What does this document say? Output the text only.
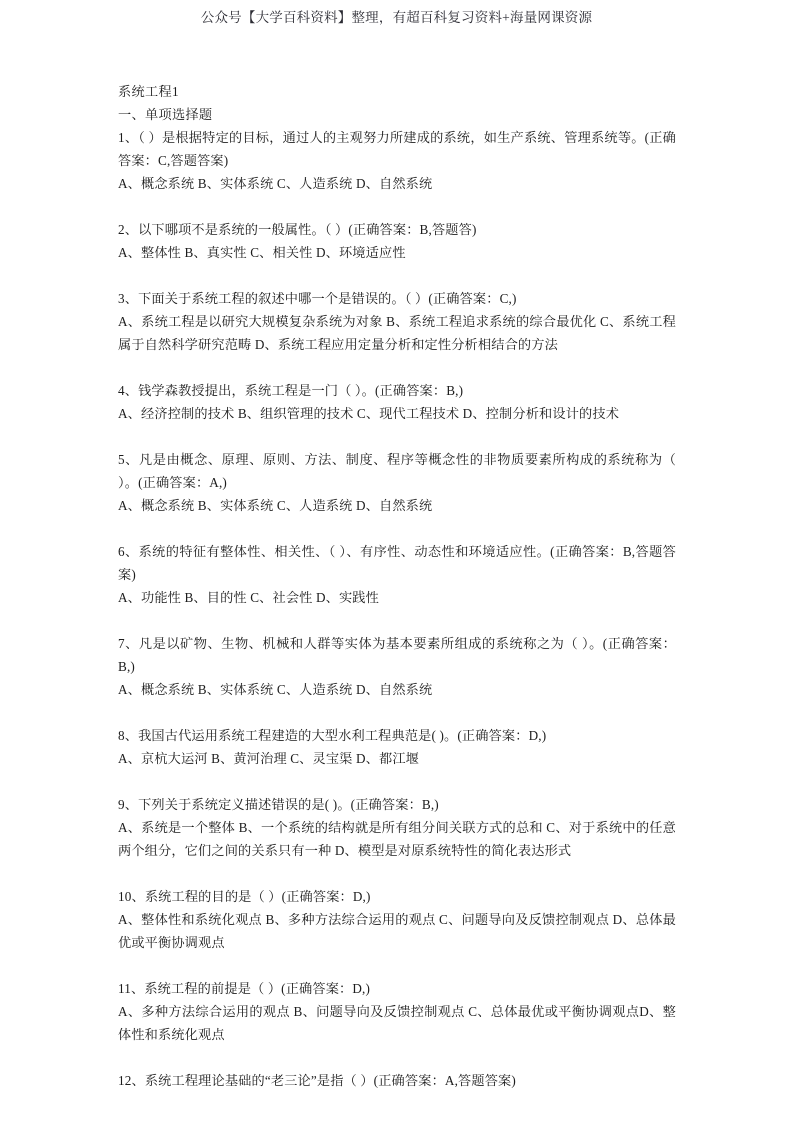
公众号【大学百科资料】整理，有超百科复习资料+海量网课资源

系统工程1

一、单项选择题

1、（ ）是根据特定的目标，通过人的主观努力所建成的系统，如生产系统、管理系统等。(正确答案：C,答题答案)

A、概念系统 B、实体系统 C、人造系统 D、自然系统

2、以下哪项不是系统的一般属性。（ ）(正确答案：B,答题答)

A、整体性 B、真实性 C、相关性 D、环境适应性

3、下面关于系统工程的叙述中哪一个是错误的。（ ）(正确答案：C,)

A、系统工程是以研究大规模复杂系统为对象 B、系统工程追求系统的综合最优化 C、系统工程属于自然科学研究范畴 D、系统工程应用定量分析和定性分析相结合的方法

4、钱学森教授提出，系统工程是一门（ ）。(正确答案：B,)

A、经济控制的技术 B、组织管理的技术 C、现代工程技术 D、控制分析和设计的技术

5、凡是由概念、原理、原则、方法、制度、程序等概念性的非物质要素所构成的系统称为（ ）。(正确答案：A,)

A、概念系统 B、实体系统 C、人造系统 D、自然系统

6、系统的特征有整体性、相关性、（ ）、有序性、动态性和环境适应性。(正确答案：B,答题答案)

A、功能性 B、目的性 C、社会性 D、实践性

7、凡是以矿物、生物、机械和人群等实体为基本要素所组成的系统称之为（ ）。(正确答案：B,)

A、概念系统 B、实体系统 C、人造系统 D、自然系统

8、我国古代运用系统工程建造的大型水利工程典范是( )。(正确答案：D,)

A、京杭大运河 B、黄河治理 C、灵宝渠 D、都江堰

9、下列关于系统定义描述错误的是( )。(正确答案：B,)

A、系统是一个整体 B、一个系统的结构就是所有组分间关联方式的总和 C、对于系统中的任意两个组分，它们之间的关系只有一种 D、模型是对原系统特性的简化表达形式

10、系统工程的目的是（ ）(正确答案：D,)

A、整体性和系统化观点 B、多种方法综合运用的观点 C、问题导向及反馈控制观点 D、总体最优或平衡协调观点

11、系统工程的前提是（ ）(正确答案：D,)

A、多种方法综合运用的观点 B、问题导向及反馈控制观点 C、总体最优或平衡协调观点D、整体性和系统化观点

12、系统工程理论基础的“老三论”是指（ ）(正确答案：A,答题答案)
